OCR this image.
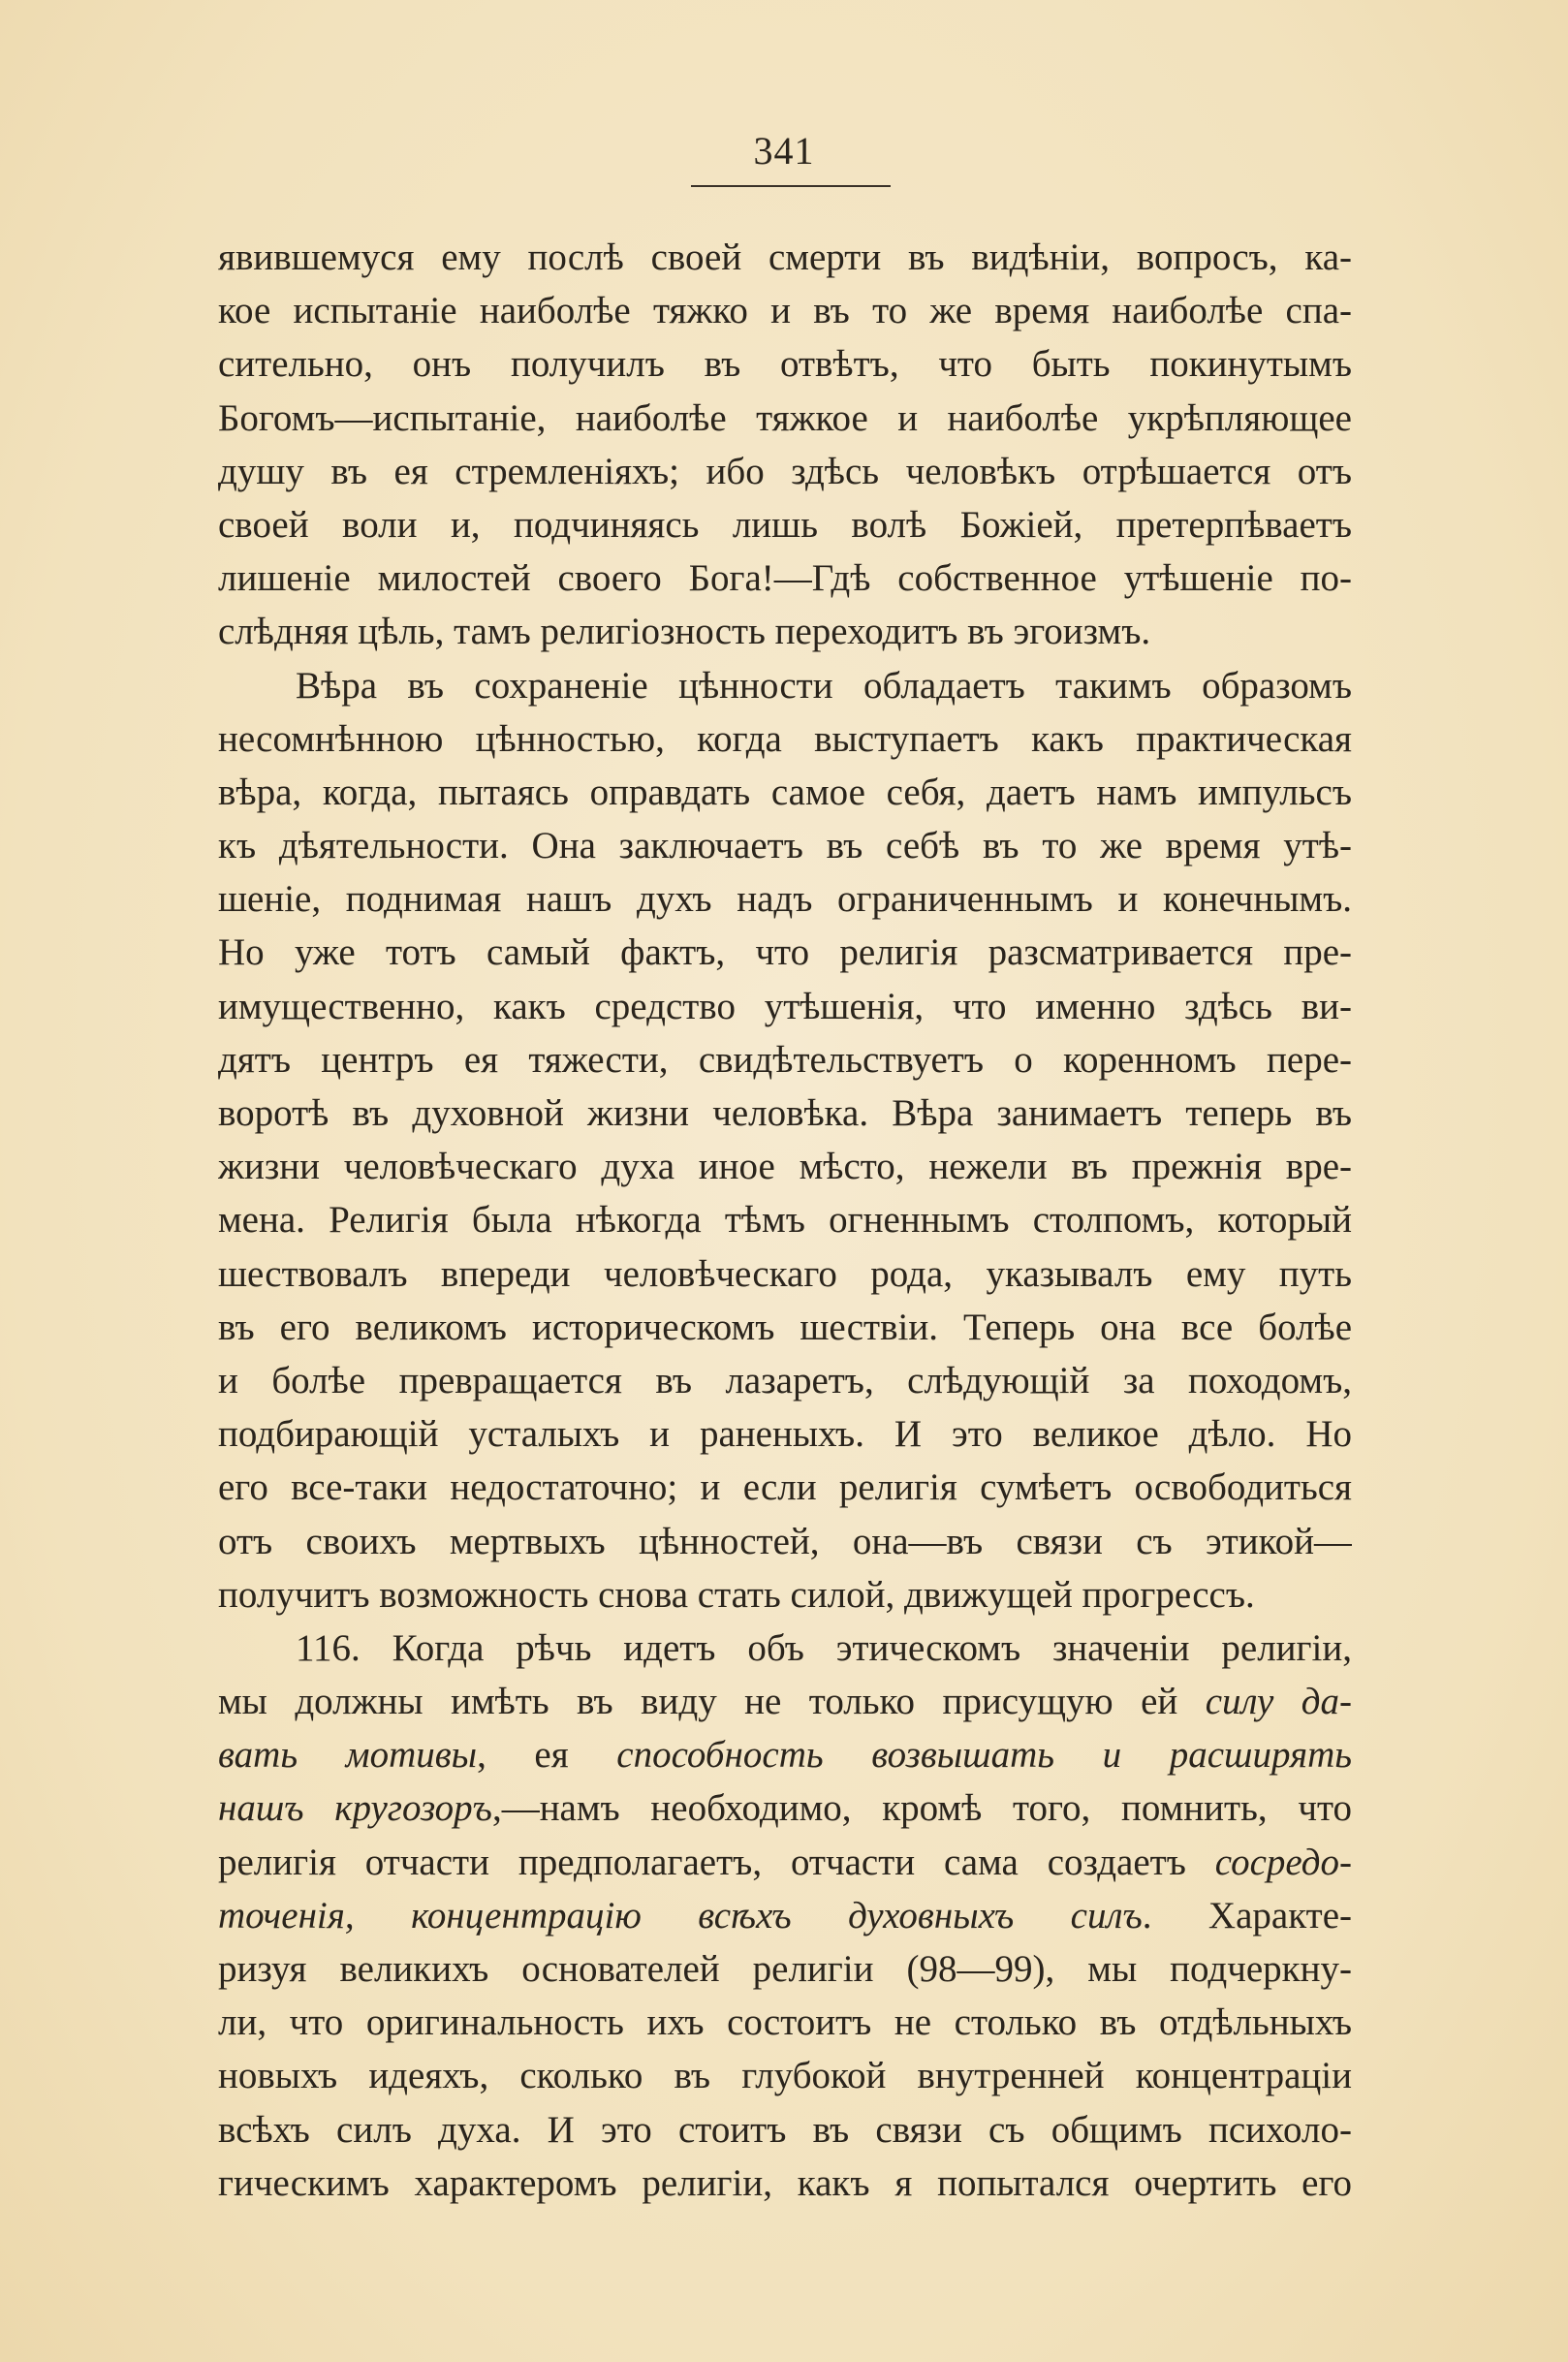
341
явившемуся ему послѣ своей смерти въ видѣніи, вопросъ, ка-
кое испытаніе наиболѣе тяжко и въ то же время наиболѣе спа-
сительно, онъ получилъ въ отвѣтъ, что быть покинутымъ
Богомъ—испытаніе, наиболѣе тяжкое и наиболѣе укрѣпляющее
душу въ ея стремленіяхъ; ибо здѣсь человѣкъ отрѣшается отъ
своей воли и, подчиняясь лишь волѣ Божіей, претерпѣваетъ
лишеніе милостей своего Бога!—Гдѣ собственное утѣшеніе по-
слѣдняя цѣль, тамъ религіозность переходитъ въ эгоизмъ.
Вѣра въ сохраненіе цѣнности обладаетъ такимъ образомъ
несомнѣнною цѣнностью, когда выступаетъ какъ практическая
вѣра, когда, пытаясь оправдать самое себя, даетъ намъ импульсъ
къ дѣятельности. Она заключаетъ въ себѣ въ то же время утѣ-
шеніе, поднимая нашъ духъ надъ ограниченнымъ и конечнымъ.
Но уже тотъ самый фактъ, что религія разсматривается пре-
имущественно, какъ средство утѣшенія, что именно здѣсь ви-
дятъ центръ ея тяжести, свидѣтельствуетъ о коренномъ пере-
воротѣ въ духовной жизни человѣка. Вѣра занимаетъ теперь въ
жизни человѣческаго духа иное мѣсто, нежели въ прежнія вре-
мена. Религія была нѣкогда тѣмъ огненнымъ столпомъ, который
шествовалъ впереди человѣческаго рода, указывалъ ему путь
въ его великомъ историческомъ шествіи. Теперь она все болѣе
и болѣе превращается въ лазаретъ, слѣдующій за походомъ,
подбирающій усталыхъ и раненыхъ. И это великое дѣло. Но
его все-таки недостаточно; и если религія сумѣетъ освободиться
отъ своихъ мертвыхъ цѣнностей, она—въ связи съ этикой—
получитъ возможность снова стать силой, движущей прогрессъ.
116. Когда рѣчь идетъ объ этическомъ значеніи религіи,
мы должны имѣть въ виду не только присущую ей силу да-
вать мотивы, ея способность возвышать и расширять
нашъ кругозоръ,—намъ необходимо, кромѣ того, помнить, что
религія отчасти предполагаетъ, отчасти сама создаетъ сосредо-
точенія, концентрацію всѣхъ духовныхъ силъ. Характе-
ризуя великихъ основателей религіи (98—99), мы подчеркну-
ли, что оригинальность ихъ состоитъ не столько въ отдѣльныхъ
новыхъ идеяхъ, сколько въ глубокой внутренней концентраціи
всѣхъ силъ духа. И это стоитъ въ связи съ общимъ психоло-
гическимъ характеромъ религіи, какъ я попытался очертить его
